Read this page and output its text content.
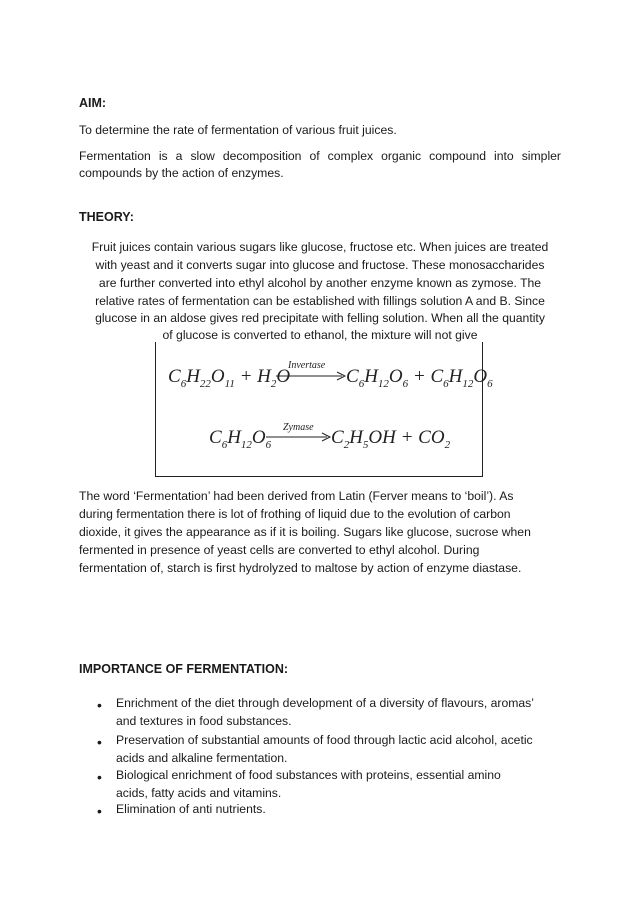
AIM:
To determine the rate of fermentation of various fruit juices.
Fermentation is a slow decomposition of complex organic compound into simpler
compounds by the action of enzymes.
THEORY:
Fruit juices contain various sugars like glucose, fructose etc. When juices are treated
with yeast and it converts sugar into glucose and fructose. These monosaccharides
are further converted into ethyl alcohol by another enzyme known as zymose. The
relative rates of fermentation can be established with fillings solution A and B. Since
glucose in an aldose gives red precipitate with felling solution. When all the quantity
of glucose is converted to ethanol, the mixture will not give
$C_6H_{22}O_{11} + H_2O$
Invertase
$C_6H_{12}O_6 + C_6H_{12}O_6$
$C_6H_{12}O_6$
Zymase $C_2H_5OH + CO_2$
The word ‘Fermentation’ had been derived from Latin (Ferver means to ‘boil’). As
during fermentation there is lot of frothing of liquid due to the evolution of carbon
dioxide, it gives the appearance as if it is boiling. Sugars like glucose, sucrose when
fermented in presence of yeast cells are converted to ethyl alcohol. During
fermentation of, starch is first hydrolyzed to maltose by action of enzyme diastase.
IMPORTANCE OF FERMENTATION:
• Enrichment of the diet through development of a diversity of flavours, aromas’
and textures in food substances.
• Preservation of substantial amounts of food through lactic acid alcohol, acetic
acids and alkaline fermentation.
• Biological enrichment of food substances with proteins, essential amino
acids, fatty acids and vitamins.
• Elimination of anti nutrients.
